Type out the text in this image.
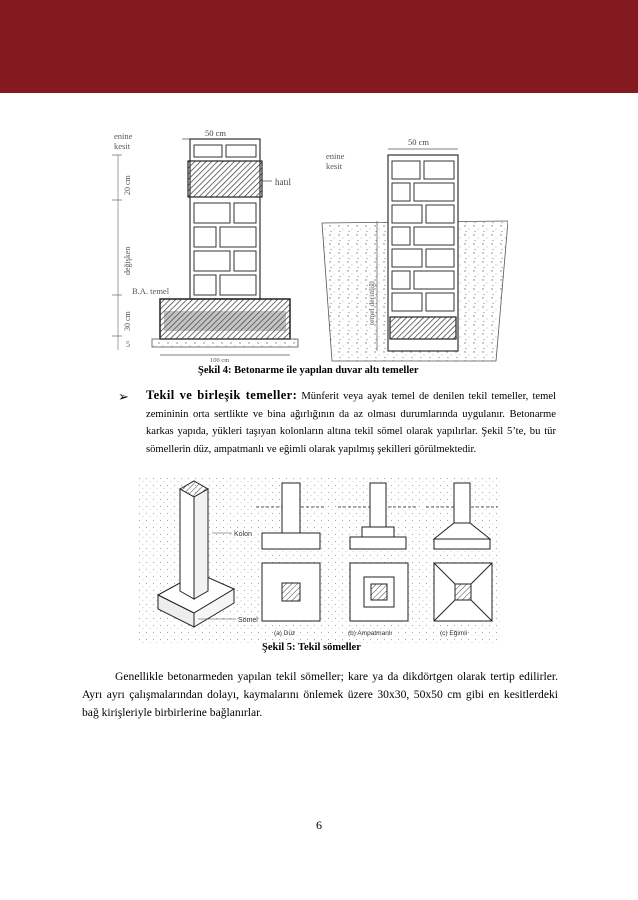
enine
kesit
50 cm
20 cm
değişken
B.A. temel
30 cm
5
hatıl
100 cm
enine
kesit
50 cm
temel derinliği
Şekil 4: Betonarme ile yapılan duvar altı temeller
➢ Tekil ve birleşik temeller: Münferit veya ayak temel de denilen tekil temeller, temel zemininin orta sertlikte ve bina ağırlığının da az olması durumlarında uygulanır. Betonarme karkas yapıda, yükleri taşıyan kolonların altına tekil sömel olarak yapılırlar. Şekil 5’te, bu tür sömellerin düz, ampatmanlı ve eğimli olarak yapılmış şekilleri görülmektedir.
Kolon
Sömel
(a) Düz	(b) Ampatmanlı	(c) Eğimli
Şekil 5: Tekil sömeller
Genellikle betonarmeden yapılan tekil sömeller; kare ya da dikdörtgen olarak tertip edilirler. Ayrı ayrı çalışmalarından dolayı, kaymalarını önlemek üzere 30x30, 50x50 cm gibi en kesitlerdeki bağ kirişleriyle birbirlerine bağlanırlar.
6
